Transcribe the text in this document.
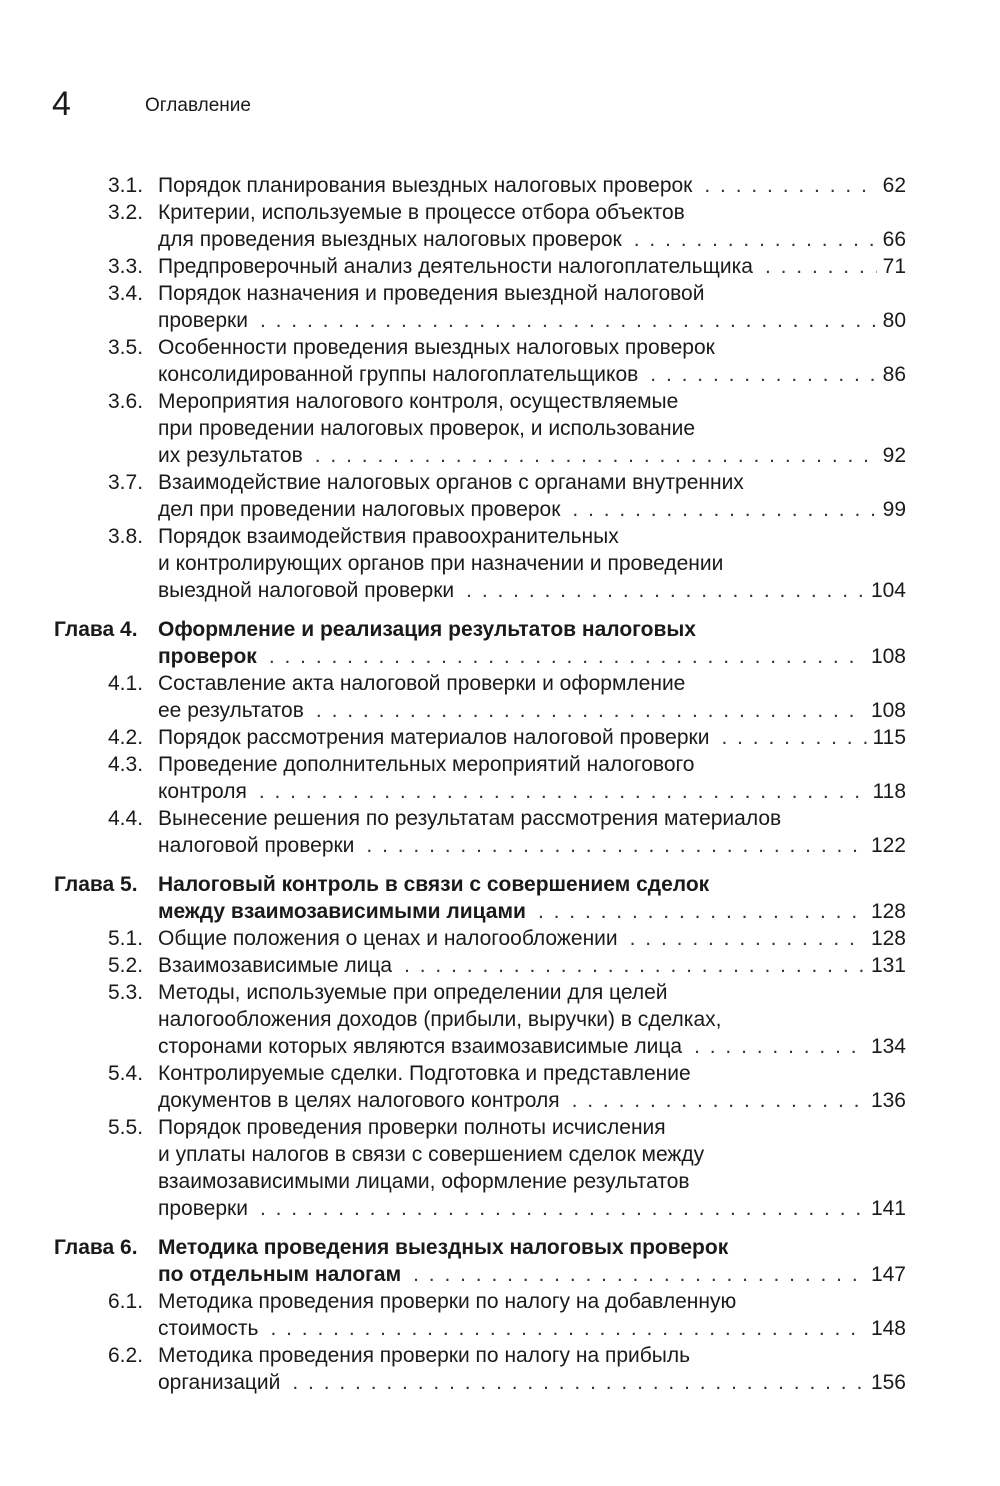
4	Оглавление
3.1. Порядок планирования выездных налоговых проверок . . .	62
3.2. Критерии, используемые в процессе отбора объектов
для проведения выездных налоговых проверок . . .	66
3.3. Предпроверочный анализ деятельности налогоплательщика . . .	71
3.4. Порядок назначения и проведения выездной налоговой
проверки . . .	80
3.5. Особенности проведения выездных налоговых проверок
консолидированной группы налогоплательщиков . . .	86
3.6. Мероприятия налогового контроля, осуществляемые
при проведении налоговых проверок, и использование
их результатов . . .	92
3.7. Взаимодействие налоговых органов с органами внутренних
дел при проведении налоговых проверок . . .	99
3.8. Порядок взаимодействия правоохранительных
и контролирующих органов при назначении и проведении
выездной налоговой проверки . . .	104
Глава 4. Оформление и реализация результатов налоговых
проверок . . .	108
4.1. Составление акта налоговой проверки и оформление
ее результатов . . .	108
4.2. Порядок рассмотрения материалов налоговой проверки . . .	115
4.3. Проведение дополнительных мероприятий налогового
контроля . . .	118
4.4. Вынесение решения по результатам рассмотрения материалов
налоговой проверки . . .	122
Глава 5. Налоговый контроль в связи с совершением сделок
между взаимозависимыми лицами . . .	128
5.1. Общие положения о ценах и налогообложении . . .	128
5.2. Взаимозависимые лица . . .	131
5.3. Методы, используемые при определении для целей
налогообложения доходов (прибыли, выручки) в сделках,
сторонами которых являются взаимозависимые лица . . .	134
5.4. Контролируемые сделки. Подготовка и представление
документов в целях налогового контроля . . .	136
5.5. Порядок проведения проверки полноты исчисления
и уплаты налогов в связи с совершением сделок между
взаимозависимыми лицами, оформление результатов
проверки . . .	141
Глава 6. Методика проведения выездных налоговых проверок
по отдельным налогам . . .	147
6.1. Методика проведения проверки по налогу на добавленную
стоимость . . .	148
6.2. Методика проведения проверки по налогу на прибыль
организаций . . .	156
